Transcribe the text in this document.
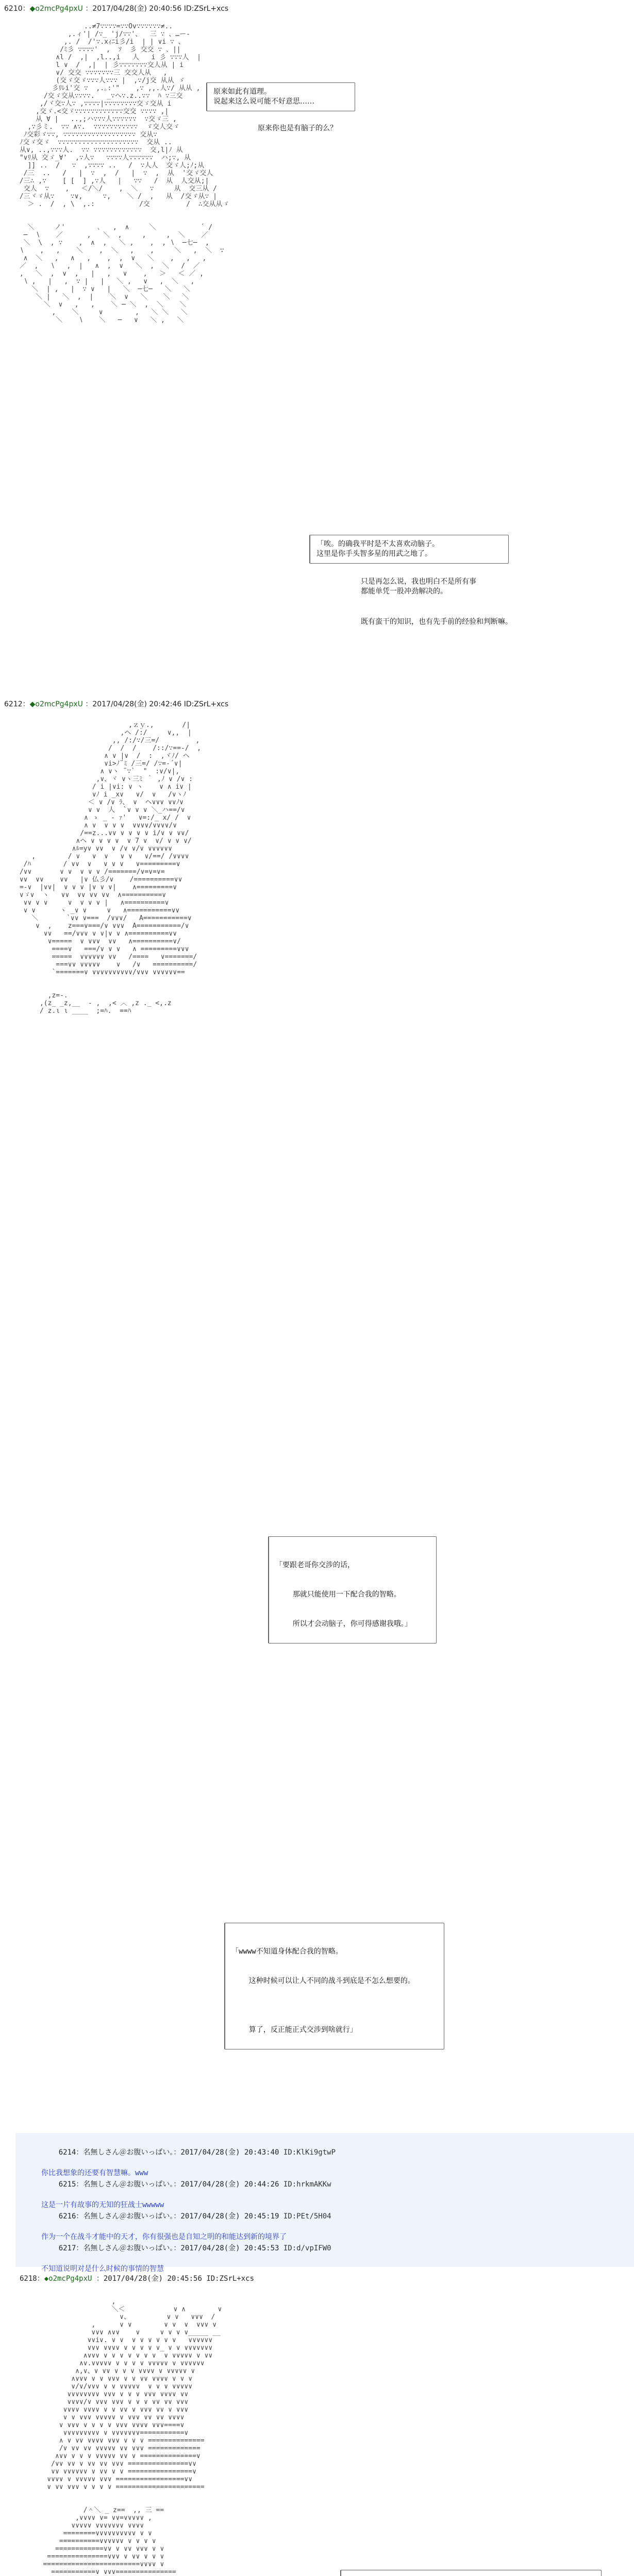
6210：◆o2mcPg4pxU ：2017/04/28(金) 20:40:56 ID:ZSrL+xcs
..≠7∵∵∵∵=∵∵Ov∵∵∵∵∵∵≠..
,.ィ'| /∵_ 'j/∵∵'、  三 ∵ 、…ー‐
,. /  /'∵.xｨﾆi彡/i  | | ∨i ∵ 、
/ﾐ彡 ∵∵∵∵'  ,  ｿ  彡 交交 ∵ 、||
∧l /  ,|  ,l..,i   人   i 彡 ∵∵∵人  |
l ∨  /  ,|  | 彡∵∵∵∵∵∵∵交人从 | i
∨/ 交交 ∵∵∵∵∵∵∵三 交交人从   ,
(交ゞ交ゞ∵∵∵人∵∵∵ |  ,∵/j交 从从 ゞ
彡ﾘﾚi'交 ∵  ,.｡:'"    ,∵ ,,.人∵/ 从从 ,
/交ゞ交从∵∵∵∵.   _∵ヘ∵.z..∵∵  ﾊ ∵三交
,/ヾ交∵人∵ ,∵∵∵∵|∵∵∵∵∵∵∵∵交ゞ交从 i
,交ゞ.<交ゞ∵∵∵∵∵∵∵∵∵∵∵∵交交 ∵∵∵∵ ,|
从 ∀ |   ..,;ハ∵∵∵人∵∵∵∵∵∵  ∵交ゞ三 ,
,∵彡ミ.  ∵∵ ∧∵.  ∵∵∵∵∵∵∵∵∵∵∵  ゞ交人交ゞ
ﾉ交彩ゞ∵∵, ∵∵∵∵∵∵∵∵∵∵∵∵∵∵∵∵∵∵ 交从∵
ﾉ交ゞ交ゞ  ∵∵∵∵∵∵∵∵∵∵∵∵∵∵∵∵∵∵∵∵  交从 ..
从∨, ..,∵∵∵人.  ∵∵ ∵∵∵∵∵∵∵∵∵∵∵∵  交,l|ﾉ 从
"∨ﾘ从 交ゞ_∀'  ,∵人∵   ∵∵∵∵人∵∵∵∵∵∵  ハ;∵, 从
]] ..  /   ∵  ,∵∵∵∵ ..   /  ∵人人  交ゞ人;ﾉ;从
/三  ..   /   |  ∵  ,  /   |  ∵  ,  从  '交ゞ交人
/三∴ ,∵    [ [  ] ,∵人   |   ∵∵   /  从  人交从;|
交人  ∵    ,   ＜/＼/    ,  ＼   ∵     从  交三从 /
/三ヾゞ从∵    ∵∨,     ∵,    ＼ /  ,   从  /交ゞ从∵ |
＞ .  /  , \  ,.:           /交         /  ∴交从从ゞ

＼     ノ'        ､   ,  ∧     ＼           ´ /
─  ∖    ／      ,   ＼  ,     ,     ,  ＼    ／
＼  \  , ∵    ,  ∧  ,   ＼ ,    ,  , ∖  ─七─  ,
∖    ,   ,    ＼    ,  ＼   ,    ,     ＼   ,  ＼  ∵
∧  ＼   ,   ∧   ,    ,  ,  ∨   ＼    ,   ,   ,
／  ,   ∖   ,  |   ∧  ,  ∨   ＼  ,  ＼   /  ／
,   ＼  ,  ∨  ,   |   ,   ∨    ,   ＞   ＜ ／ ,
∖ ,   |   ,  ∵ |   |   ＼ ,   ∨   ,  ＼   ,
＼  | ,   |  ∵ ∨   |   ＼  ─七─   ＼   ＼
＼ |   ＼  ,  |    ＼  ∨   ＼    ＼   ＼
＼  ∨   ,   ,    ＼ ─ ＼  ,  ＼    ＼
,    ＼     ∨        ,   ＼ ＼   ＼
＼    ∖    ＼   ─   ∨   ＼ ,   ＼
原来如此有道理。
说起来这么说可能不好意思……
原来你也是有脑子的么？
「唉。的确我平时是不太喜欢动脑子。
这里是你手头智多星的用武之地了。
只是再怎么说，我也明白不是所有事
都能单凭一股冲劲解决的。
既有蛮干的知识，也有先手前的经验和判断嘛。
6212：◆o2mcPg4pxU ：2017/04/28(金) 20:42:46 ID:ZSrL+xcs
,ｚｙ.,       /|
,ヘ /:/     ∨,,  |
,, /:/∵/三=/         ,
/  /  /    /::/∵==-/  ,
∧ ∨ |∨  /  :  ,ヾﾉ/ ヘ
∨i>ﾉ¨ﾐ /三=/ /∵=‐´∨|
∧ ∨ヽ ¨∵`  "  :∨/∨|,
,∨、ヾ ∨ヽ三ﾐ ｀ ,ﾉ ∨ /∨ :
/ i |∨i: ∨ ヽ    ∨ ∧ i∨ |
∨ﾉ i _x∨   ∨/  ∨   /∨ヽﾉ
＜ ∨ /∨ ﾗ、 ∨  ヘ∨∨∨ ∨∨ﾉ∨
∨ ∨  人  `∨ ∨ ∨ ＼_ハ==/∨
∧ ゝ _ - ｧ'   ∨=:/_ x/ /  ∨
∧ ∨  ∨ ∨ ∨  ∨∨∨∨/∨∨∨∨/∨
/==z...∨∨ ∨ ∨ ∨ ∨ i/∨ ∨ ∨∨/
∧ヘ ∨ ∨ ∨ ∨  ∨ 7 ∨  ∨/ ∨ ∨ ∨/
∧ﾙ=y∨ ∨∨  ∨ /∨ ∨/∨ ∨∨∨∨∨∨
,        / ∨   ∨  ∨   ∨ ∨   ∨/==/ /∨∨∨∨
/ﾊ        / ∨∨  ∨   ∨ ∨ ∨   ∨=========∨
/∨∨       ∨ ∨  ∨ ∨ ∨ /=======/∨=∨=∨=
∨∨  ∨∨    ∨∨   |∨ 仏彡/∨    /==========∨∨
=-∨  |∨∨|  ∨ ∨ ∨ |∨ ∨ ∨|    ∧=========∨
∨ゞ∨  ヽ   ∨∨  ∨∨ ∨∨ ∨∨  ∧==========∨
∨∨ ∨ ∨     ∨  ∨ ∨ ∨ |   ∧==========∨
∨ ∨      ヽ _∨ ∨     ∨   ∧===========∨∨
＼       `∨∨ ∨===  /∨∨∨/   A===========∨
∨  ,    z===∨===/∨ ∨∨∨  A===========/∨
∨∨   ==/∨∨∨ ∨ ∨|∨ ∨ ∧==========∨∨
∨=====  ∨ ∨∨∨  ∨∨   ∧==========∨/
====∨   ===/∨ ∨ ∨   ∧ =========∨∨∨
=====  ∨∨∨∨∨∨ ∨∨   /====   ∨=======/
===∨∨ ∨∨∨∨∨    ∨   /∨   ==========/
`=======∨ ∨∨∨∨∨∨∨∨∨∨/∨∨∨ ∨∨∨∨∨∨==

,z=-.
,(z_ _z,__  - ,  ,< ︿ ,z ._ <,.z
/ z.ι ι ____  ;=ﾊ.  ==ﾊ

「要跟老哥你交涉的话，

那就只能使用一下配合我的智略。

所以才会动脑子，你可得感谢我哦。」

「wwww不知道身体配合我的智略。

这种时候可以让人不同的战斗到底是不怎么想要的。

算了，反正能正式交涉到啥就行」

6214：名無しさん＠お腹いっぱい。：2017/04/28(金) 20:43:40 ID:KlKi9gtwP

你比我想象的还要有智慧嘛。www

6215：名無しさん＠お腹いっぱい。：2017/04/28(金) 20:44:26 ID:hrkmAKKw

这是一片有故事的无知的狂战士wwwww

6216：名無しさん＠お腹いっぱい。：2017/04/28(金) 20:45:19 ID:PEt/5H04

作为一个在战斗才能中的天才，你有很强也是自知之明的和能达到新的境界了

6217：名無しさん＠お腹いっぱい。：2017/04/28(金) 20:45:53 ID:d/vpIFW0

不知道说明对是什么时候的事情的智慧

6218：◆o2mcPg4pxU ：2017/04/28(金) 20:45:56 ID:ZSrL+xcs

,
＼＜            ∨ ∧        ∨
∨、         ∨ ∨   ∨∨∨  /
,      ∨ ∨        ∨ ∨  ∨  ∨∨∨ ∨
∨∨∨ ∧∨∨    ∨     ∨ ∨ ∨ ∨_____ __
∨∨i∨. ∨ ∨  ∨ ∨ ∨ ∨ ∨ ∨   ∨∨∨∨∨∨
∨∨∨ ∨∨∨∨ ∨ ∨ ∨ ∨ ∨_ ∨ ∨ ∨∨∨∨∨∨∨
∧∨∨∨ ∨ ∨ ∨ ∨ ∨ ∨ ∨  ∨ ∨∨∨∨∨ ∨ ∨∨
∧∨.∨∨∨∨∨ ∨ ∨ ∨ ∨ ∨∨∨∨∨ ∨ ∨∨∨∨∨∨
∧,∨、∨ ∨∨ ∨ ∨ ∨ ∨∨∨∨ ∨ ∨∨∨∨∨ ∨
∧∨∨∨ ∨ ∨ ∨∨∨ ∨ ∨ ∨∨ ∨∨∨∨ ∨ ∨ ∨
∨/∨/∨∨∨ ∨ ∨ ∨∨∨∨∨  ∨ ∨ ∨ ∨∨∨∨∨
∨∨∨∨∨∨∨∨ ∨∨∨ ∨ ∨ ∨ ∨∨∨ ∨∨∨∨ ∨∨
∨∨∨∨/∨ ∨∨∨ ∨∨∨ ∨ ∨ ∨ ∨∨ ∨∨ ∨∨∨
∨∨∨∨ ∨∨∨∨ ∨ ∨ ∨∨ ∨ ∨∨∨ ∨∨ ∨ ∨∨∨
∨ ∨ ∨∨∨ ∨∨∨∨∨ ∨ ∨∨∨ ∨∨ ∨∨ ∨∨∨∨
∨ ∨∨∨ ∨ ∨ ∨ ∨ ∨∨∨ ∨∨∨∨ ∨∨∨====∨
∨∨∨∨∨∨∨∨∨ ∨ ∨∨∨∨∨∨∨===========∨
∧ ∨ ∨∨ ∨∨∨∨ ∨∨∨ ∨ ∨ ∨ ==============
/∨ ∨∨ ∨∨ ∨∨∨∨∨ ∨∨ ∨∨∨ =============
∧∨∨ ∨ ∨ ∨ ∨∨∨∨∨ ∨∨ ∨ ==============∨
/∨∨ ∨∨ ∨ ∨∨ ∨∨ ∨∨∨ ===============∨∨
∨∨ ∨∨∨∨∨∨ ∨ ∨∨ ∨ ∨ ================∨
∨∨∨∨ ∨ ∨∨∨∨∨ ∨∨∨ =================∨∨
∨ ∨∨ ∨∨∨ ∨ ∨ ∨ ∨ ======================

/＾＼ _ z==  ,, 三 ==
,∨∨∨∨ ∨= ∨∨=∨∨∨∨∨ ,
∨∨∨∨∨ ∨∨∨∨∨∨∨ ∨∨∨∨
========∨∨∨∨∨∨∨∨∨∨ ∨ ∨
==========∨∨∨∨∨∨ ∨ ∨ ∨ ∨
============∨∨ ∨ ∨∨ ∨∨∨ ∨ ∨
===============∨∨∨ ∨ ∨∨ ∨ ∨ ∨
========================∨∨∨∨ ∨
===========∨ ∨∨∨===============
